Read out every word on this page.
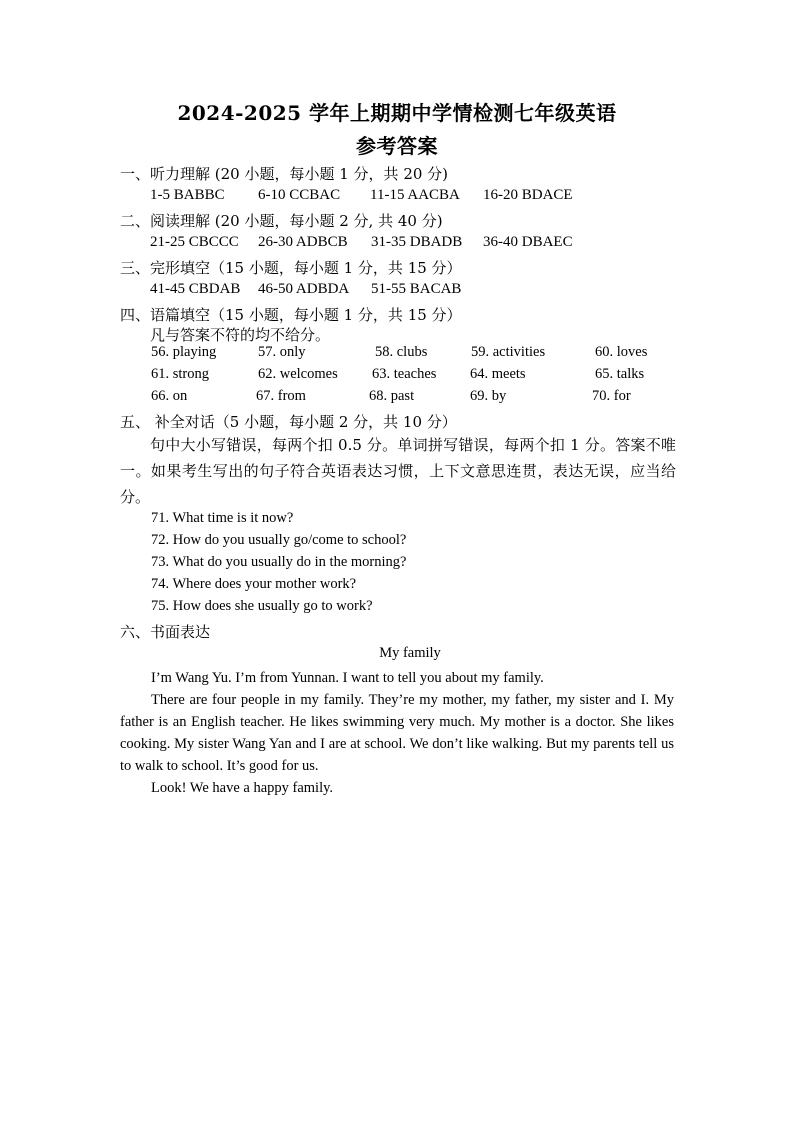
2024-2025 学年上期期中学情检测七年级英语
参考答案
一、听力理解 (20 小题，每小题 1 分，共 20 分)
1-5 BABBC 6-10 CCBAC 11-15 AACBA 16-20 BDACE
二、阅读理解 (20 小题，每小题 2 分, 共 40 分)
21-25 CBCCC 26-30 ADBCB 31-35 DBADB 36-40 DBAEC
三、完形填空（15 小题，每小题 1 分，共 15 分）
41-45 CBDAB 46-50 ADBDA 51-55 BACAB
四、语篇填空（15 小题，每小题 1 分，共 15 分）
凡与答案不符的均不给分。
56. playing	57. only	58. clubs	59. activities	60. loves
61. strong	62. welcomes 63. teaches 64. meets	65. talks
66. on	67. from	68. past	69. by	70. for
五、 补全对话（5 小题，每小题 2 分，共 10 分）
句中大小写错误，每两个扣 0.5 分。单词拼写错误，每两个扣 1 分。答案不唯一。如果考生写出的句子符合英语表达习惯，上下文意思连贯，表达无误，应当给分。
71. What time is it now?
72. How do you usually go/come to school?
73. What do you usually do in the morning?
74. Where does your mother work?
75. How does she usually go to work?
六、书面表达
My family

I’m Wang Yu. I’m from Yunnan. I want to tell you about my family.

There are four people in my family. They’re my mother, my father, my sister and I. My father is an English teacher. He likes swimming very much. My mother is a doctor. She likes cooking. My sister Wang Yan and I are at school. We don’t like walking. But my parents tell us to walk to school. It’s good for us.

Look! We have a happy family.
